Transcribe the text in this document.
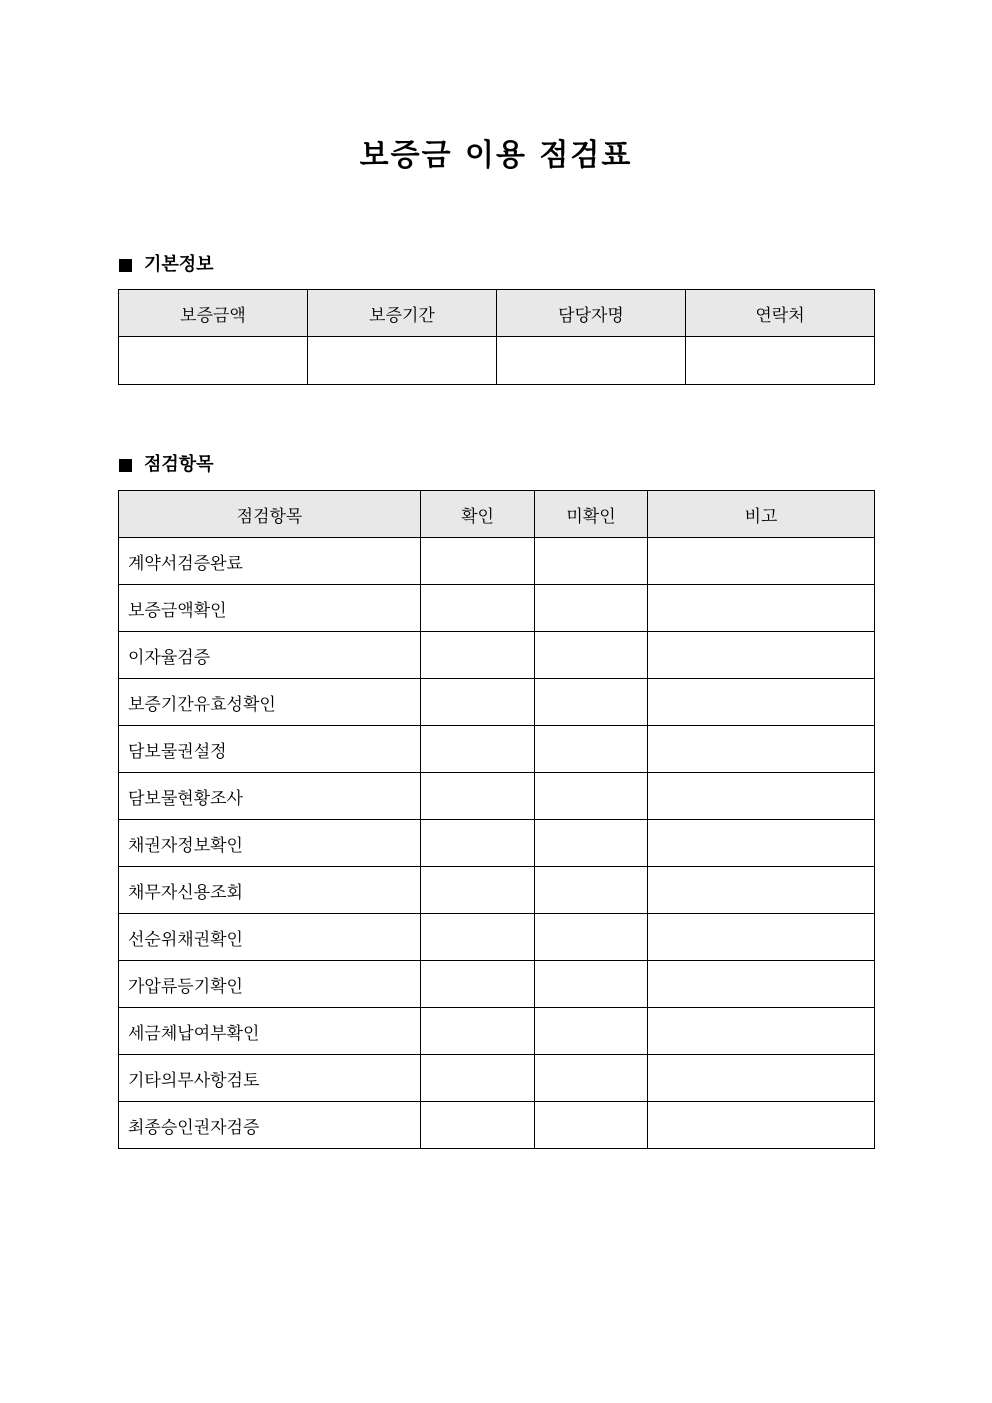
보증금 이용 점검표
기본정보
보증금액	보증기간	담당자명	연락처

점검항목
점검항목	확인	미확인	비고
계약서검증완료			
보증금액확인			
이자율검증			
보증기간유효성확인			
담보물권설정			
담보물현황조사			
채권자정보확인			
채무자신용조회			
선순위채권확인			
가압류등기확인			
세금체납여부확인			
기타의무사항검토			
최종승인권자검증			
